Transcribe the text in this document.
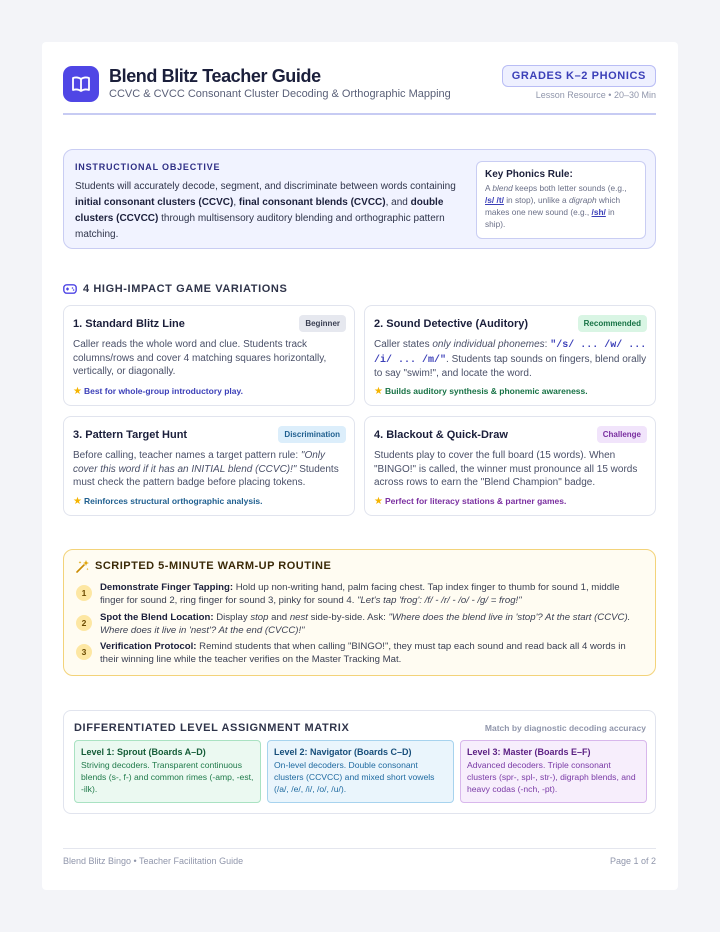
Blend Blitz Teacher Guide
CCVC & CVCC Consonant Cluster Decoding & Orthographic Mapping
GRADES K–2 PHONICS
Lesson Resource • 20–30 Min
INSTRUCTIONAL OBJECTIVE
Students will accurately decode, segment, and discriminate between words containing initial consonant clusters (CCVC), final consonant blends (CVCC), and double clusters (CCVCC) through multisensory auditory blending and orthographic pattern matching.
Key Phonics Rule:
A blend keeps both letter sounds (e.g., /s/ /t/ in stop), unlike a digraph which makes one new sound (e.g., /sh/ in ship).
4 HIGH-IMPACT GAME VARIATIONS
1. Standard Blitz Line	Beginner
Caller reads the whole word and clue. Students track columns/rows and cover 4 matching squares horizontally, vertically, or diagonally.
★ Best for whole-group introductory play.
2. Sound Detective (Auditory)	Recommended
Caller states only individual phonemes: "/s/ ... /w/ ... /i/ ... /m/". Students tap sounds on fingers, blend orally to say "swim!", and locate the word.
★ Builds auditory synthesis & phonemic awareness.
3. Pattern Target Hunt	Discrimination
Before calling, teacher names a target pattern rule: "Only cover this word if it has an INITIAL blend (CCVC)!" Students must check the pattern badge before placing tokens.
★ Reinforces structural orthographic analysis.
4. Blackout & Quick-Draw	Challenge
Students play to cover the full board (15 words). When "BINGO!" is called, the winner must pronounce all 15 words across rows to earn the "Blend Champion" badge.
★ Perfect for literacy stations & partner games.
SCRIPTED 5-MINUTE WARM-UP ROUTINE
1	Demonstrate Finger Tapping: Hold up non-writing hand, palm facing chest. Tap index finger to thumb for sound 1, middle finger for sound 2, ring finger for sound 3, pinky for sound 4. "Let's tap 'frog': /f/ - /r/ - /o/ - /g/ = frog!"
2	Spot the Blend Location: Display stop and nest side-by-side. Ask: "Where does the blend live in 'stop'? At the start (CCVC). Where does it live in 'nest'? At the end (CVCC)!"
3	Verification Protocol: Remind students that when calling "BINGO!", they must tap each sound and read back all 4 words in their winning line while the teacher verifies on the Master Tracking Mat.
DIFFERENTIATED LEVEL ASSIGNMENT MATRIX	Match by diagnostic decoding accuracy
Level 1: Sprout (Boards A–D)
Striving decoders. Transparent continuous blends (s-, f-) and common rimes (-amp, -est, -ilk).
Level 2: Navigator (Boards C–D)
On-level decoders. Double consonant clusters (CCVCC) and mixed short vowels (/a/, /e/, /i/, /o/, /u/).
Level 3: Master (Boards E–F)
Advanced decoders. Triple consonant clusters (spr-, spl-, str-), digraph blends, and heavy codas (-nch, -pt).
Blend Blitz Bingo • Teacher Facilitation Guide	Page 1 of 2
